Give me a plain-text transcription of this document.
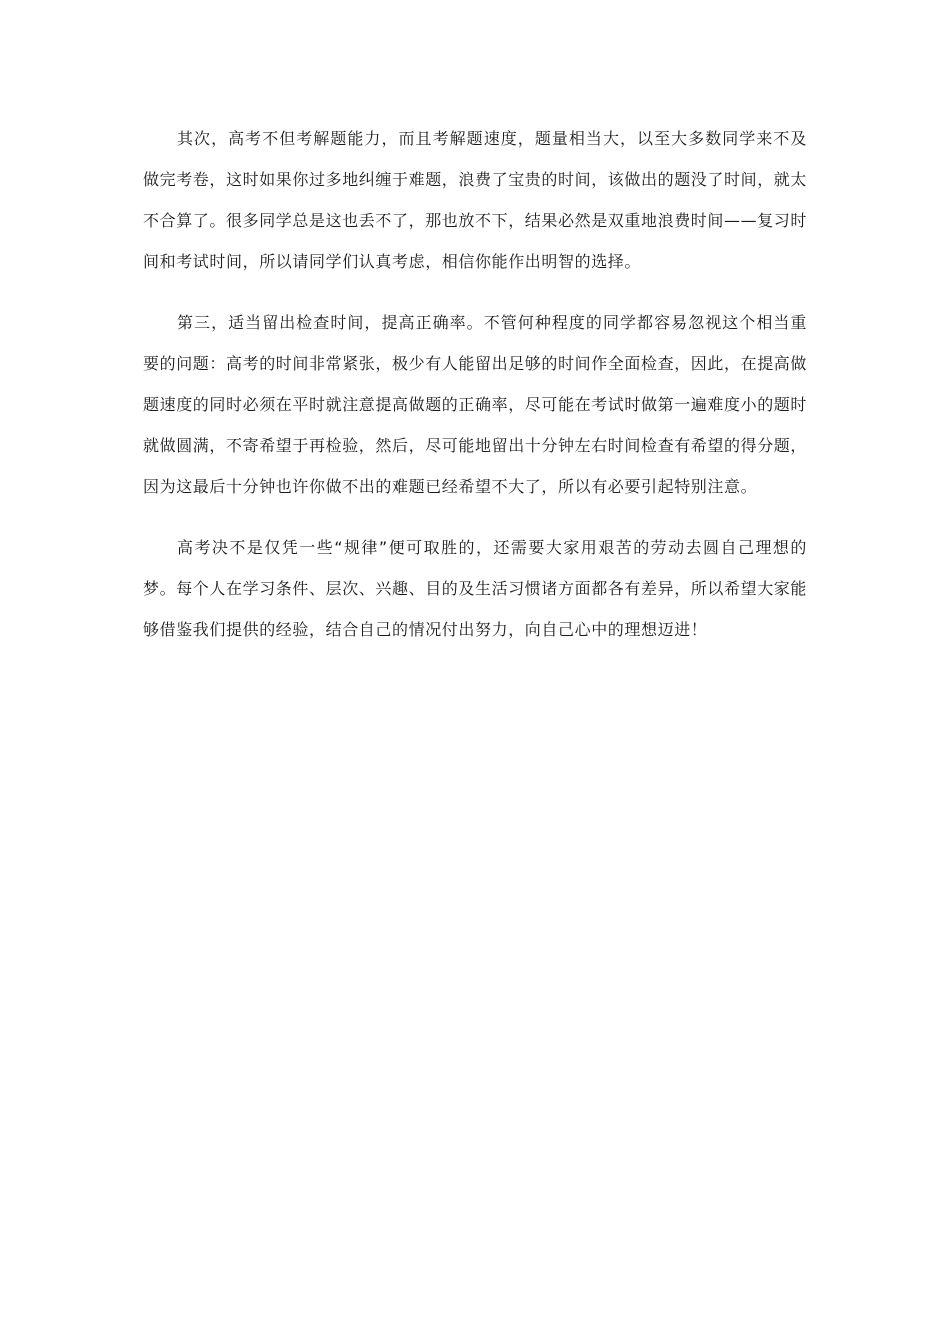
其次，高考不但考解题能力，而且考解题速度，题量相当大，以至大多数同学来不及做完考卷，这时如果你过多地纠缠于难题，浪费了宝贵的时间，该做出的题没了时间，就太不合算了。很多同学总是这也丢不了，那也放不下，结果必然是双重地浪费时间——复习时间和考试时间，所以请同学们认真考虑，相信你能作出明智的选择。

第三，适当留出检查时间，提高正确率。不管何种程度的同学都容易忽视这个相当重要的问题：高考的时间非常紧张，极少有人能留出足够的时间作全面检查，因此，在提高做题速度的同时必须在平时就注意提高做题的正确率，尽可能在考试时做第一遍难度小的题时就做圆满，不寄希望于再检验，然后，尽可能地留出十分钟左右时间检查有希望的得分题，因为这最后十分钟也许你做不出的难题已经希望不大了，所以有必要引起特别注意。

高考决不是仅凭一些“规律”便可取胜的，还需要大家用艰苦的劳动去圆自己理想的梦。每个人在学习条件、层次、兴趣、目的及生活习惯诸方面都各有差异，所以希望大家能够借鉴我们提供的经验，结合自己的情况付出努力，向自己心中的理想迈进！
